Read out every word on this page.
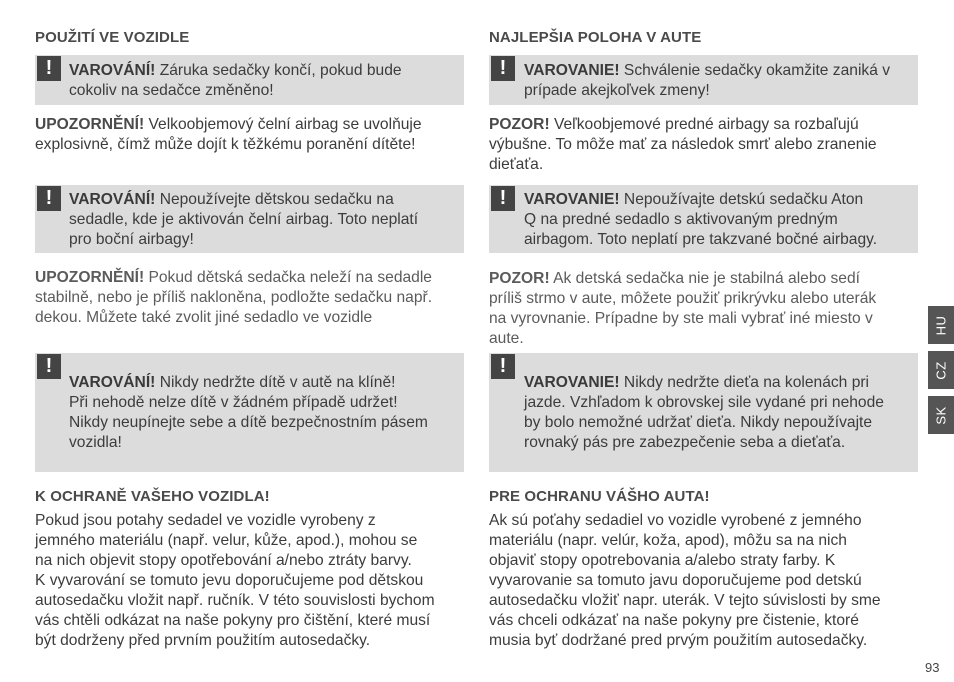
POUŽITÍ VE VOZIDLE
!	VAROVÁNÍ! Záruka sedačky končí, pokud bude
cokoliv na sedačce změněno!
UPOZORNĚNÍ! Velkoobjemový čelní airbag se uvolňuje
explosivně, čímž může dojít k těžkému poranění dítěte!
!	VAROVÁNÍ! Nepoužívejte dětskou sedačku na
sedadle, kde je aktivován čelní airbag. Toto neplatí
pro boční airbagy!
UPOZORNĚNÍ! Pokud dětská sedačka neleží na sedadle
stabilně, nebo je příliš nakloněna, podložte sedačku např.
dekou. Můžete také zvolit jiné sedadlo ve vozidle
!
VAROVÁNÍ! Nikdy nedržte dítě v autě na klíně!
Při nehodě nelze dítě v žádném případě udržet!
Nikdy neupínejte sebe a dítě bezpečnostním pásem
vozidla!
K OCHRANĚ VAŠEHO VOZIDLA!
Pokud jsou potahy sedadel ve vozidle vyrobeny z
jemného materiálu (např. velur, kůže, apod.), mohou se
na nich objevit stopy opotřebování a/nebo ztráty barvy.
K vyvarování se tomuto jevu doporučujeme pod dětskou
autosedačku vložit např. ručník. V této souvislosti bychom
vás chtěli odkázat na naše pokyny pro čištění, které musí
být dodrženy před prvním použitím autosedačky.
NAJLEPŠIA POLOHA V AUTE
!	VAROVANIE! Schválenie sedačky okamžite zaniká v
prípade akejkoľvek zmeny!
POZOR! Veľkoobjemové predné airbagy sa rozbaľujú
výbušne. To môže mať za následok smrť alebo zranenie
dieťaťa.
!	VAROVANIE! Nepoužívajte detskú sedačku Aton
Q na predné sedadlo s aktivovaným predným
airbagom. Toto neplatí pre takzvané bočné airbagy.
POZOR! Ak detská sedačka nie je stabilná alebo sedí
príliš strmo v aute, môžete použiť prikrývku alebo uterák
na vyrovnanie. Prípadne by ste mali vybrať iné miesto v
aute.
!
VAROVANIE! Nikdy nedržte dieťa na kolenách pri
jazde. Vzhľadom k obrovskej sile vydané pri nehode
by bolo nemožné udržať dieťa. Nikdy nepoužívajte
rovnaký pás pre zabezpečenie seba a dieťaťa.
PRE OCHRANU VÁŠHO AUTA!
Ak sú poťahy sedadiel vo vozidle vyrobené z jemného
materiálu (napr. velúr, koža, apod), môžu sa na nich
objaviť stopy opotrebovania a/alebo straty farby. K
vyvarovanie sa tomuto javu doporučujeme pod detskú
autosedačku vložiť napr. uterák. V tejto súvislosti by sme
vás chceli odkázať na naše pokyny pre čistenie, ktoré
musia byť dodržané pred prvým použitím autosedačky.
HU
CZ
SK
93
